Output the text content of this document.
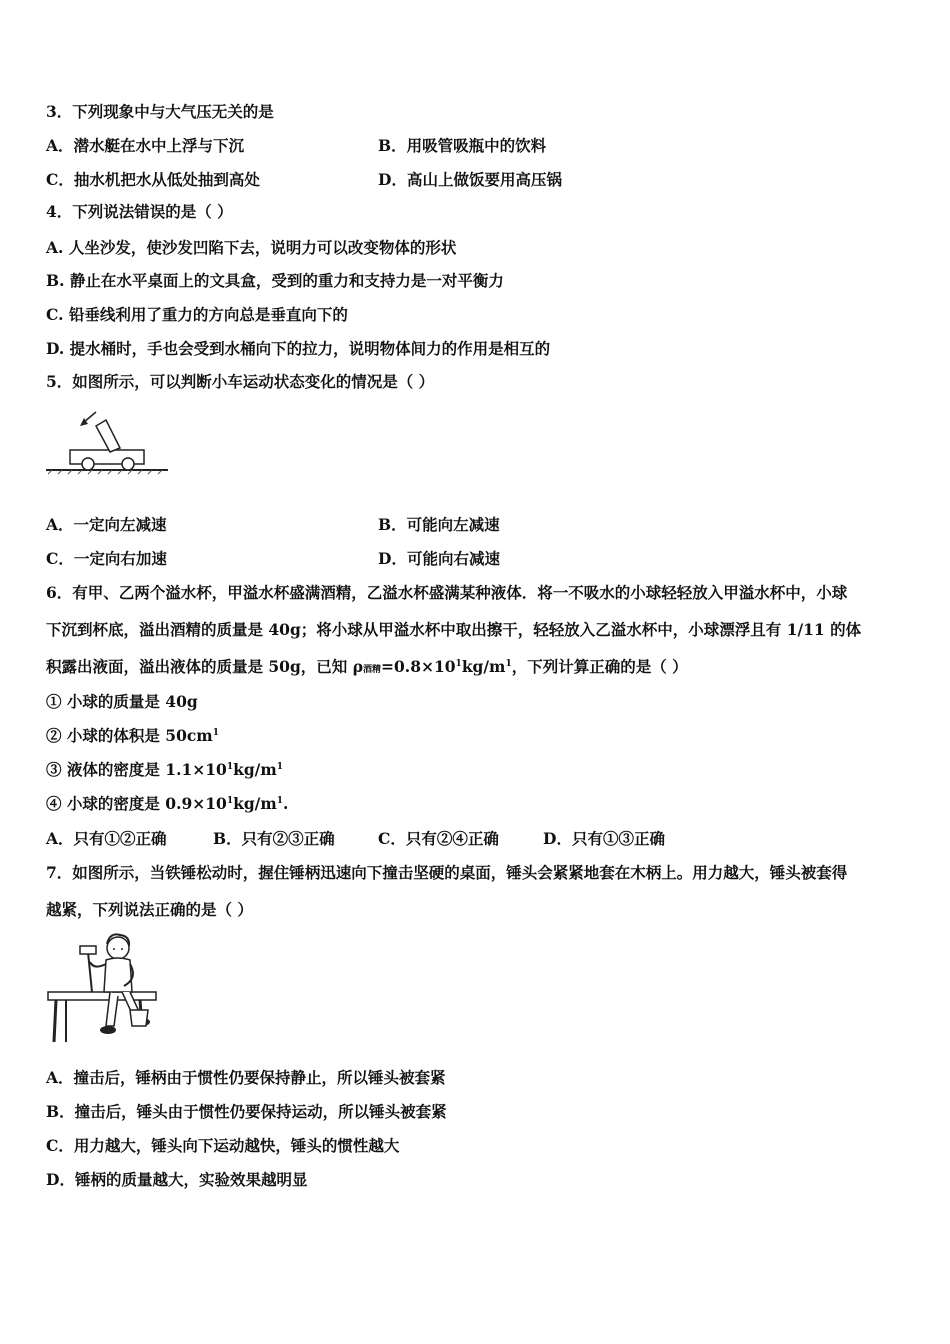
3．下列现象中与大气压无关的是
A．潜水艇在水中上浮与下沉	B．用吸管吸瓶中的饮料
C．抽水机把水从低处抽到高处	D．高山上做饭要用高压锅
4．下列说法错误的是（ ）
A. 人坐沙发，使沙发凹陷下去，说明力可以改变物体的形状
B. 静止在水平桌面上的文具盒，受到的重力和支持力是一对平衡力
C. 铅垂线利用了重力的方向总是垂直向下的
D. 提水桶时，手也会受到水桶向下的拉力，说明物体间力的作用是相互的
5．如图所示，可以判断小车运动状态变化的情况是（ ）
A．一定向左减速	B．可能向左减速
C．一定向右加速	D．可能向右减速
6．有甲、乙两个溢水杯，甲溢水杯盛满酒精，乙溢水杯盛满某种液体．将一不吸水的小球轻轻放入甲溢水杯中，小球
下沉到杯底，溢出酒精的质量是 40g；将小球从甲溢水杯中取出擦干，轻轻放入乙溢水杯中，小球漂浮且有 1/11 的体
积露出液面，溢出液体的质量是 50g，已知 ρ酒精$=0.8\times 10^1kg/m^1$，下列计算正确的是（ ）
① 小球的质量是 40g
② 小球的体积是 $50cm^1$
③ 液体的密度是 $1.1\times 10^1kg/m^1$
④ 小球的密度是 $0.9\times 10^1kg/m^1$.
A．只有①②正确	B．只有②③正确	C．只有②④正确	D．只有①③正确
7．如图所示，当铁锤松动时，握住锤柄迅速向下撞击坚硬的桌面，锤头会紧紧地套在木柄上。用力越大，锤头被套得
越紧，下列说法正确的是（ ）
A．撞击后，锤柄由于惯性仍要保持静止，所以锤头被套紧
B．撞击后，锤头由于惯性仍要保持运动，所以锤头被套紧
C．用力越大，锤头向下运动越快，锤头的惯性越大
D．锤柄的质量越大，实验效果越明显
